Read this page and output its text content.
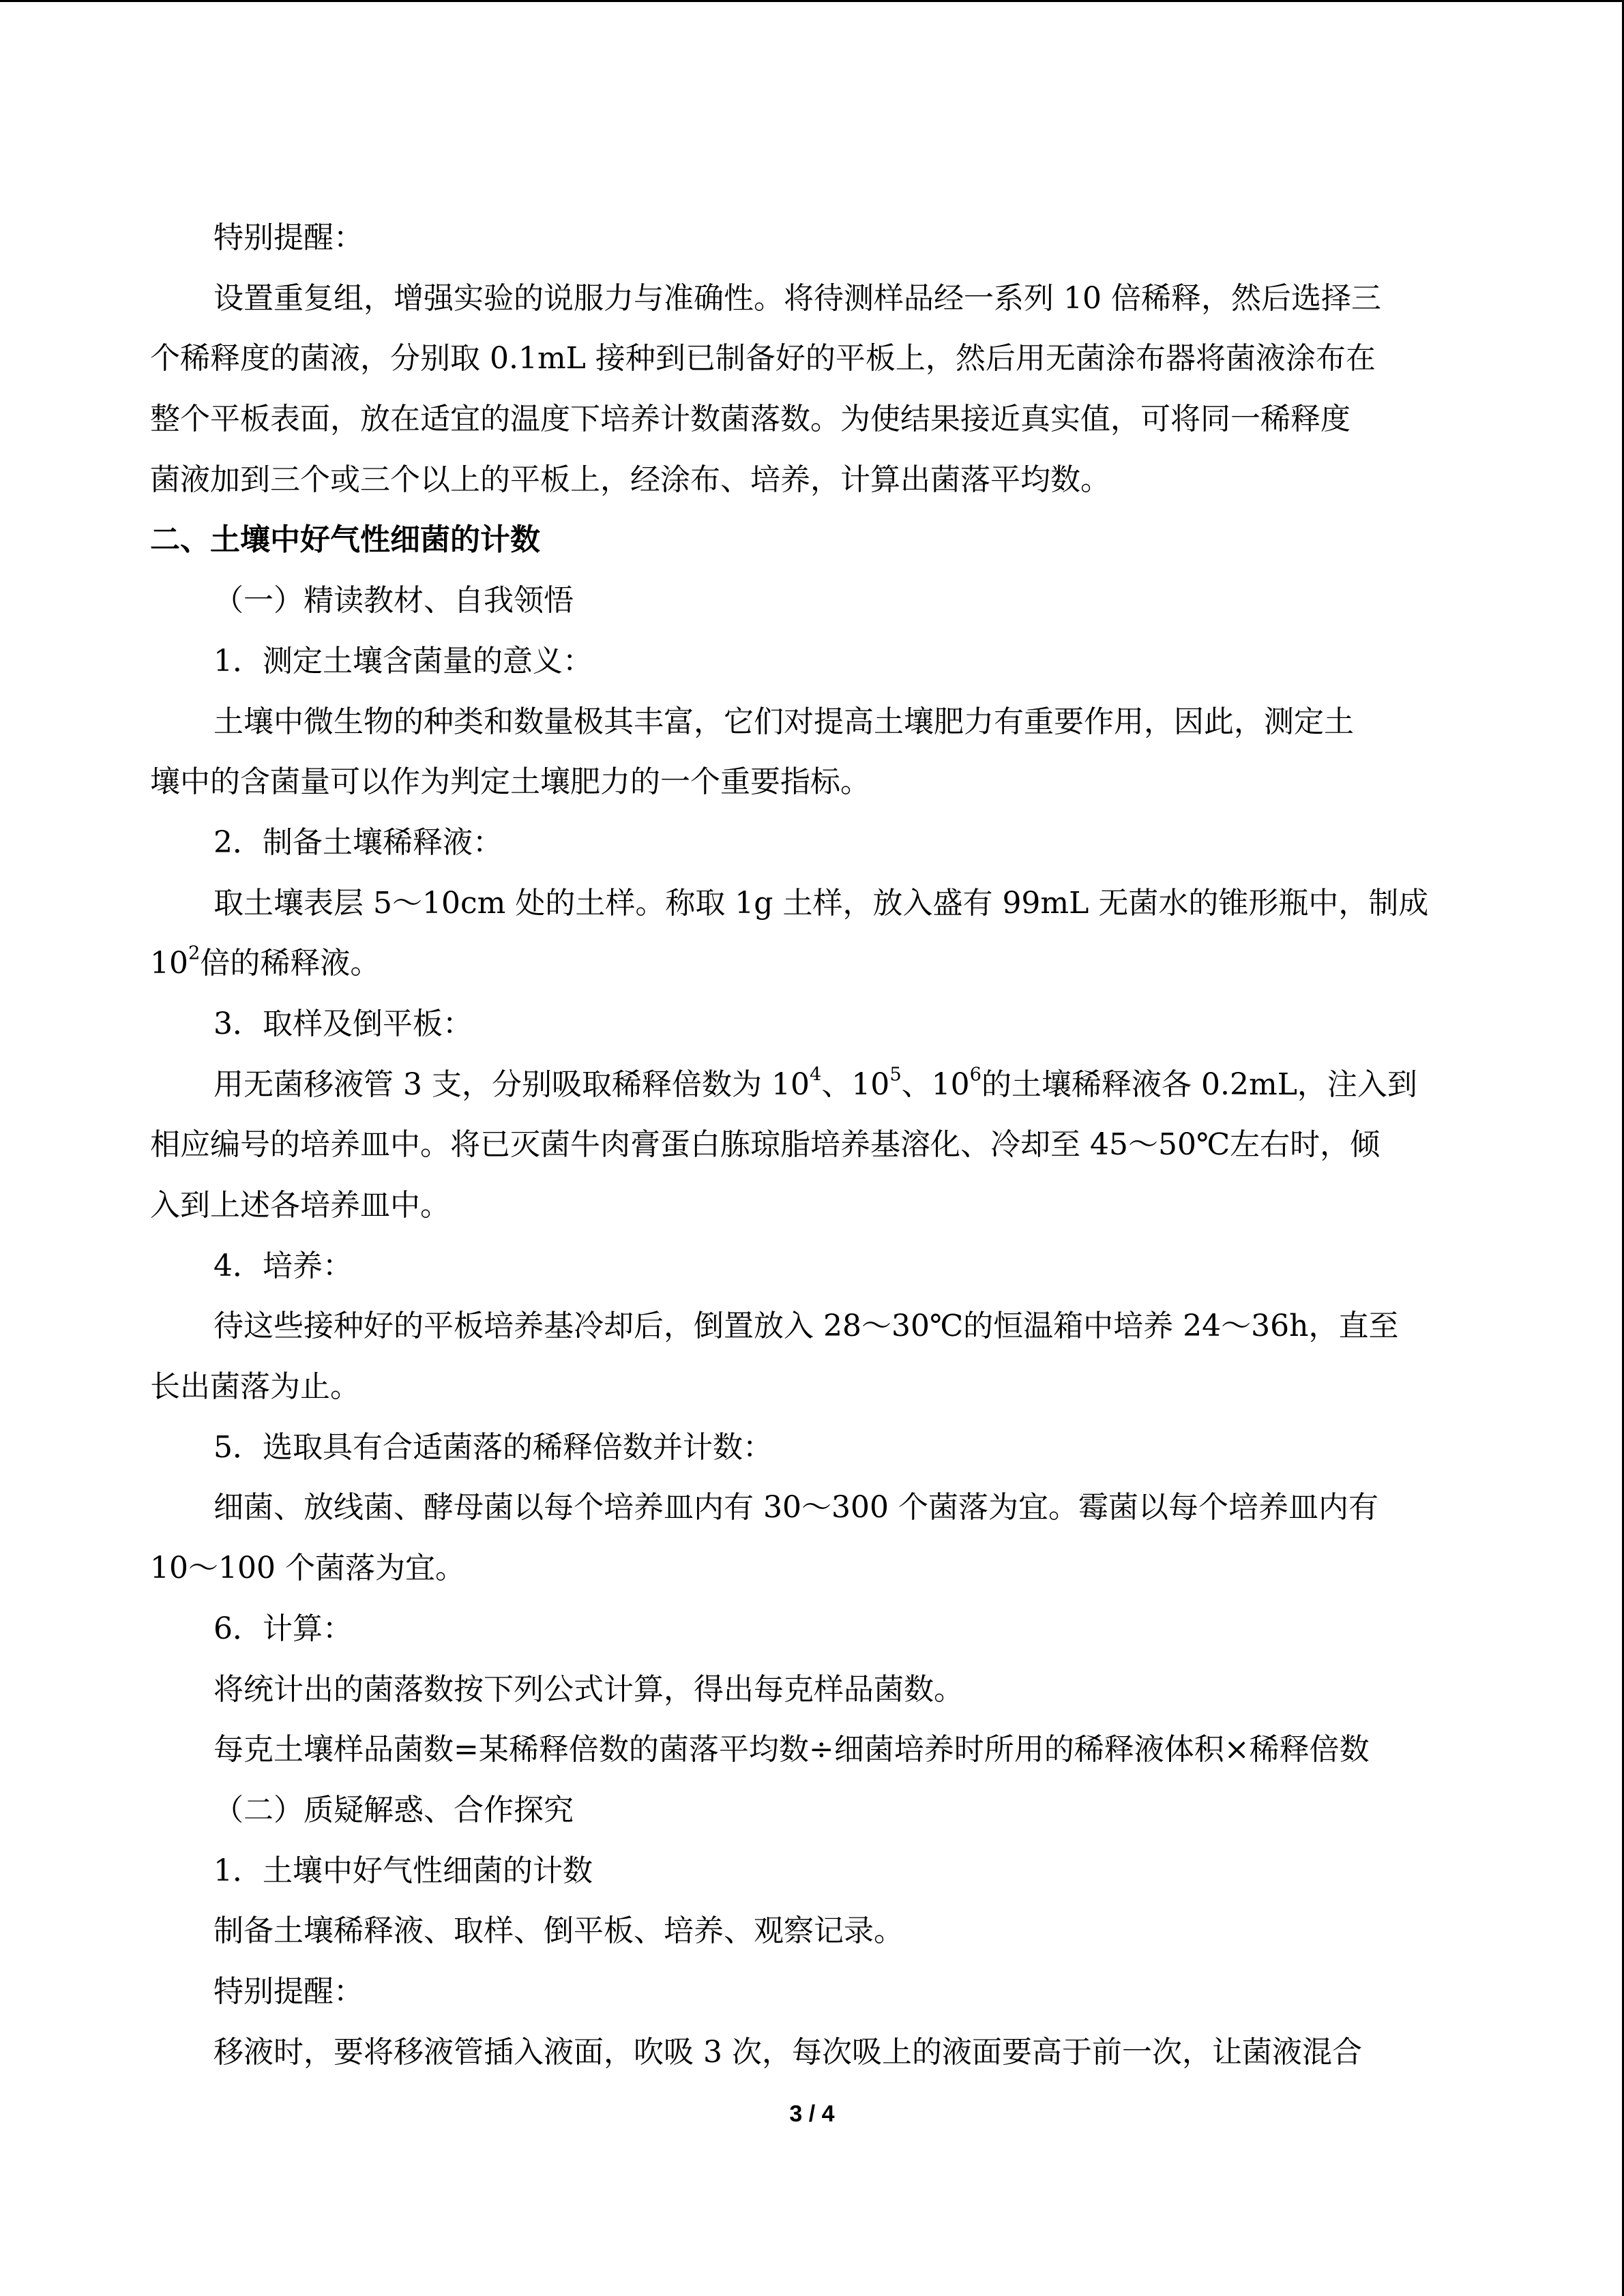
特别提醒：
设置重复组，增强实验的说服力与准确性。将待测样品经一系列 10 倍稀释，然后选择三
个稀释度的菌液，分别取 0.1mL 接种到已制备好的平板上，然后用无菌涂布器将菌液涂布在
整个平板表面，放在适宜的温度下培养计数菌落数。为使结果接近真实值，可将同一稀释度
菌液加到三个或三个以上的平板上，经涂布、培养，计算出菌落平均数。
二、土壤中好气性细菌的计数
（一）精读教材、自我领悟
1．测定土壤含菌量的意义：
土壤中微生物的种类和数量极其丰富，它们对提高土壤肥力有重要作用，因此，测定土
壤中的含菌量可以作为判定土壤肥力的一个重要指标。
2．制备土壤稀释液：
取土壤表层 5～10cm 处的土样。称取 1g 土样，放入盛有 99mL 无菌水的锥形瓶中，制成
$10^2$倍的稀释液。
3．取样及倒平板：
用无菌移液管 3 支，分别吸取稀释倍数为 $10^4$、$10^5$、$10^6$的土壤稀释液各 0.2mL，注入到
相应编号的培养皿中。将已灭菌牛肉膏蛋白胨琼脂培养基溶化、冷却至 45～50℃左右时，倾
入到上述各培养皿中。
4．培养：
待这些接种好的平板培养基冷却后，倒置放入 28～30℃的恒温箱中培养 24～36h，直至
长出菌落为止。
5．选取具有合适菌落的稀释倍数并计数：
细菌、放线菌、酵母菌以每个培养皿内有 30～300 个菌落为宜。霉菌以每个培养皿内有
10～100 个菌落为宜。
6．计算：
将统计出的菌落数按下列公式计算，得出每克样品菌数。
每克土壤样品菌数=某稀释倍数的菌落平均数÷细菌培养时所用的稀释液体积×稀释倍数
（二）质疑解惑、合作探究
1．土壤中好气性细菌的计数
制备土壤稀释液、取样、倒平板、培养、观察记录。
特别提醒：
移液时，要将移液管插入液面，吹吸 3 次，每次吸上的液面要高于前一次，让菌液混合
3 / 4
